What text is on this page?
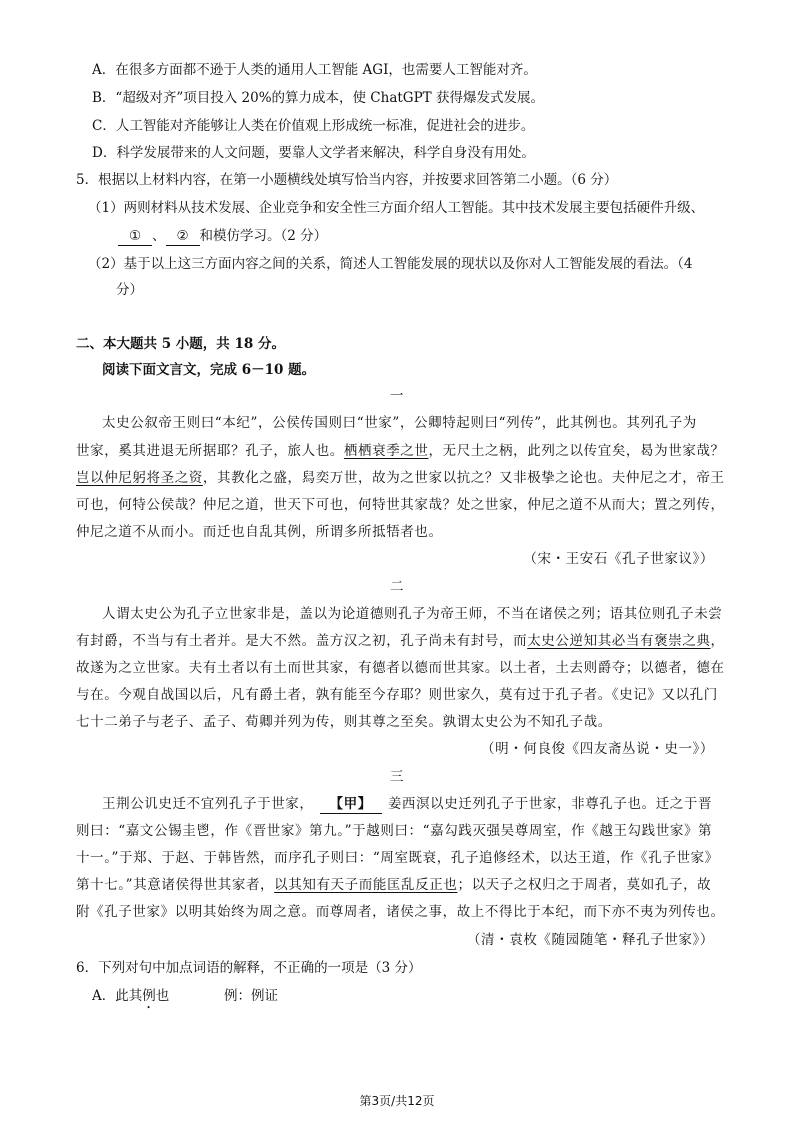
A．在很多方面都不逊于人类的通用人工智能 AGI，也需要人工智能对齐。
B．“超级对齐”项目投入 20%的算力成本，使 ChatGPT 获得爆发式发展。
C．人工智能对齐能够让人类在价值观上形成统一标准，促进社会的进步。
D．科学发展带来的人文问题，要靠人文学者来解决，科学自身没有用处。
5．根据以上材料内容，在第一小题横线处填写恰当内容，并按要求回答第二小题。（6 分）
（1）两则材料从技术发展、企业竞争和安全性三方面介绍人工智能。其中技术发展主要包括硬件升级、
① 、 ② 和模仿学习。（2 分）
（2）基于以上这三方面内容之间的关系，简述人工智能发展的现状以及你对人工智能发展的看法。（4
分）
二、本大题共 5 小题，共 18 分。
阅读下面文言文，完成 6－10 题。
一
太史公叙帝王则曰“本纪”，公侯传国则曰“世家”，公卿特起则曰“列传”，此其例也。其列孔子为
世家，奚其进退无所据耶？孔子，旅人也。栖栖衰季之世，无尺土之柄，此列之以传宜矣，曷为世家哉？
岂以仲尼躬将圣之资，其教化之盛，舄奕万世，故为之世家以抗之？又非极挚之论也。夫仲尼之才，帝王
可也，何特公侯哉？仲尼之道，世天下可也，何特世其家哉？处之世家，仲尼之道不从而大；置之列传，
仲尼之道不从而小。而迁也自乱其例，所谓多所抵牾者也。
（宋・王安石《孔子世家议》）
二
人谓太史公为孔子立世家非是，盖以为论道德则孔子为帝王师，不当在诸侯之列；语其位则孔子未尝
有封爵，不当与有土者并。是大不然。盖方汉之初，孔子尚未有封号，而太史公逆知其必当有褒崇之典，
故遂为之立世家。夫有土者以有土而世其家，有德者以德而世其家。以土者，土去则爵夺；以德者，德在
与在。今观自战国以后，凡有爵土者，孰有能至今存耶？则世家久，莫有过于孔子者。《史记》又以孔门
七十二弟子与老子、孟子、荀卿并列为传，则其尊之至矣。孰谓太史公为不知孔子哉。
（明・何良俊《四友斋丛说・史一》）
三
王荆公讥史迁不宜列孔子于世家， 【甲】 姜西溟以史迁列孔子于世家，非尊孔子也。迁之于晋
则曰：“嘉文公锡圭鬯，作《晋世家》第九。”于越则曰：“嘉勾践灭强吴尊周室，作《越王勾践世家》第
十一。”于郑、于赵、于韩皆然，而序孔子则曰：“周室既衰，孔子追修经术，以达王道，作《孔子世家》
第十七。”其意诸侯得世其家者，以其知有天子而能匡乱反正也；以天子之权归之于周者，莫如孔子，故
附《孔子世家》以明其始终为周之意。而尊周者，诸侯之事，故上不得比于本纪，而下亦不夷为列传也。
（清・袁枚《随园随笔・释孔子世家》）
6．下列对句中加点词语的解释，不正确的一项是（3 分）
A．此其例也	例：例证
第3页/共12页
